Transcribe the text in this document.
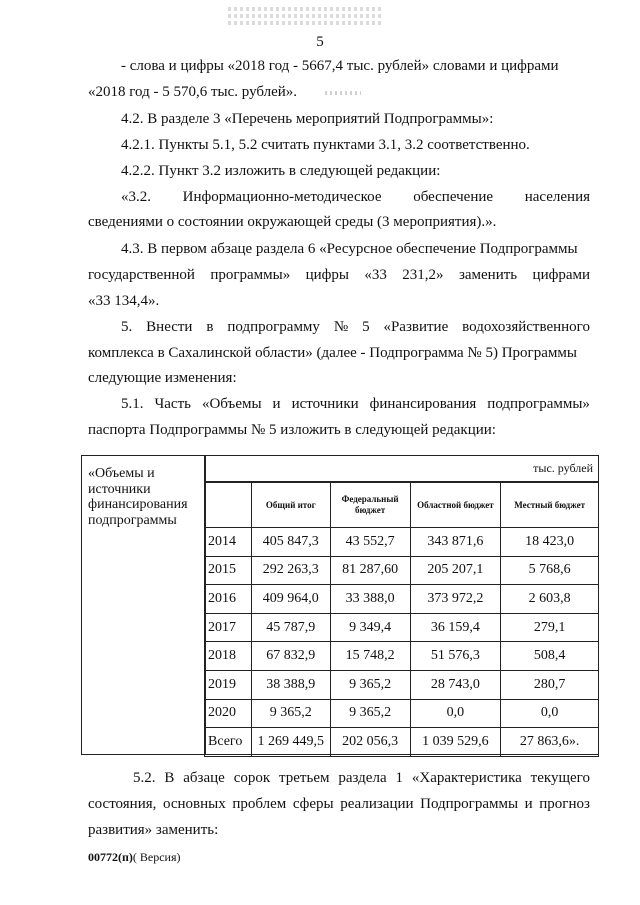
5
- слова и цифры «2018 год - 5667,4 тыс. рублей» словами и цифрами
«2018 год - 5 570,6 тыс. рублей».
4.2. В разделе 3 «Перечень мероприятий Подпрограммы»:
4.2.1. Пункты 5.1, 5.2 считать пунктами 3.1, 3.2 соответственно.
4.2.2. Пункт 3.2 изложить в следующей редакции:
«3.2. Информационно-методическое обеспечение населения
сведениями о состоянии окружающей среды (3 мероприятия).».
4.3. В первом абзаце раздела 6 «Ресурсное обеспечение Подпрограммы
государственной программы» цифры «33 231,2» заменить цифрами
«33 134,4».
5. Внести в подпрограмму № 5 «Развитие водохозяйственного
комплекса в Сахалинской области» (далее - Подпрограмма № 5) Программы
следующие изменения:
5.1. Часть «Объемы и источники финансирования подпрограммы»
паспорта Подпрограммы № 5 изложить в следующей редакции:
«Объемы и
источники
финансирования
подпрограммы
тыс. рублей
	Общий итог	Федеральный бюджет	Областной бюджет	Местный бюджет
2014	405 847,3	43 552,7	343 871,6	18 423,0
2015	292 263,3	81 287,60	205 207,1	5 768,6
2016	409 964,0	33 388,0	373 972,2	2 603,8
2017	45 787,9	9 349,4	36 159,4	279,1
2018	67 832,9	15 748,2	51 576,3	508,4
2019	38 388,9	9 365,2	28 743,0	280,7
2020	9 365,2	9 365,2	0,0	0,0
Всего	1 269 449,5	202 056,3	1 039 529,6	27 863,6».
5.2. В абзаце сорок третьем раздела 1 «Характеристика текущего
состояния, основных проблем сферы реализации Подпрограммы и прогноз
развития» заменить:
00772(п)( Версия)
